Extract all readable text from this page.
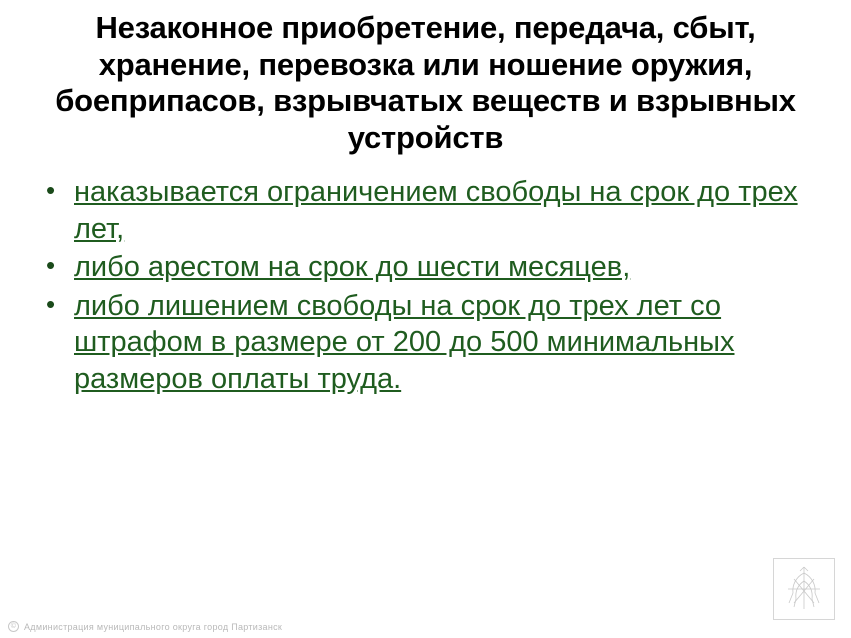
Незаконное приобретение, передача, сбыт, хранение, перевозка или ношение оружия, боеприпасов, взрывчатых веществ и взрывных устройств
• наказывается ограничением свободы на срок до трех лет,
• либо арестом на срок до шести месяцев,
• либо лишением свободы на срок до трех лет со штрафом в размере от 200 до 500 минимальных размеров оплаты труда.
© Администрация муниципального округа город Партизанск
